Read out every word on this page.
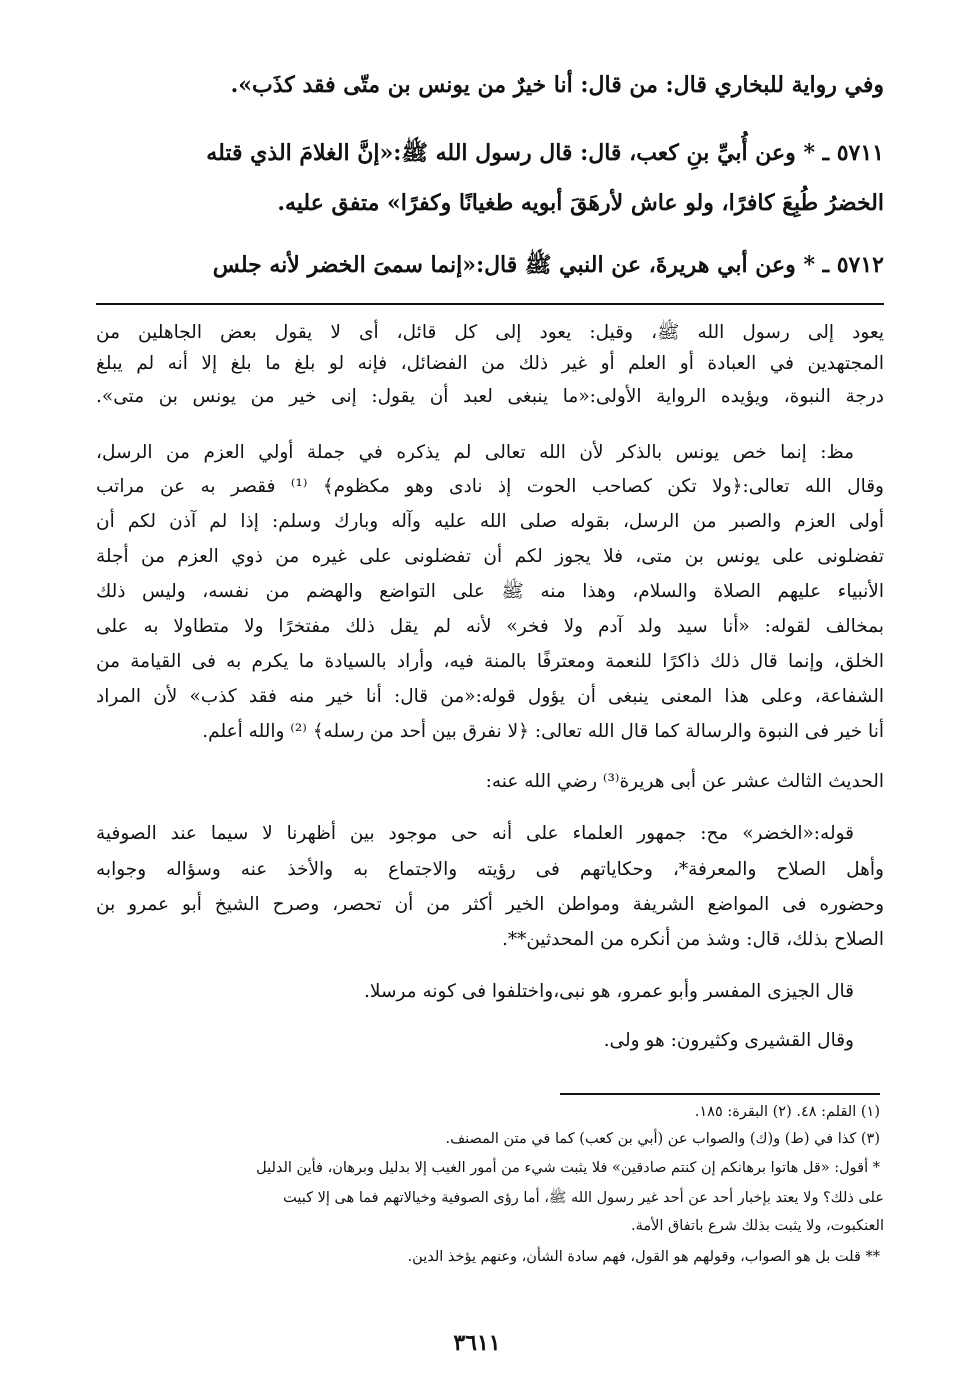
وفي رواية للبخاري قال: من قال: أنا خيرٌ من يونس بن متّى فقد كذَب».
٥٧١١ ـ * وعن أُبيِّ بنِ كعب، قال: قال رسول الله ﷺ:«إنَّ الغلامَ الذي قتله
الخضرُ طُبِعَ كافرًا، ولو عاش لأرهَقَ أبويه طغيانًا وكفرًا» متفق عليه.
٥٧١٢ ـ * وعن أبي هريرةَ، عن النبي ﷺ قال:«إنما سمىَ الخضر لأنه جلس
يعود إلى رسول الله ﷺ، وقيل: يعود إلى كل قائل، أى لا يقول بعض الجاهلين من
المجتهدين في العبادة أو العلم أو غير ذلك من الفضائل، فإنه لو بلغ ما بلغ إلا أنه لم يبلغ
درجة النبوة، ويؤيده الرواية الأولى:«ما ينبغى لعبد أن يقول: إنى خير من يونس بن متى».
مظ: إنما خص يونس بالذكر لأن الله تعالى لم يذكره في جملة أولي العزم من الرسل،
وقال الله تعالى:﴿ولا تكن كصاحب الحوت إذ نادى وهو مكظوم﴾ ⁽¹⁾ فقصر به عن مراتب
أولى العزم والصبر من الرسل، بقوله صلى الله عليه وآله وبارك وسلم: إذا لم آذن لكم أن
تفضلونى على يونس بن متى، فلا يجوز لكم أن تفضلونى على غيره من ذوي العزم من أجلة
الأنبياء عليهم الصلاة والسلام، وهذا منه ﷺ على التواضع والهضم من نفسه، وليس ذلك
بمخالف لقوله: «أنا سيد ولد آدم ولا فخر» لأنه لم يقل ذلك مفتخرًا ولا متطاولا به على
الخلق، وإنما قال ذلك ذاكرًا للنعمة ومعترفًا بالمنة فيه، وأراد بالسيادة ما يكرم به فى القيامة من
الشفاعة، وعلى هذا المعنى ينبغى أن يؤول قوله:«من قال: أنا خير منه فقد كذب» لأن المراد
أنا خير فى النبوة والرسالة كما قال الله تعالى: ﴿لا نفرق بين أحد من رسله﴾ ⁽²⁾ والله أعلم.
الحديث الثالث عشر عن أبى هريرة⁽³⁾ رضي الله عنه:
قوله:«الخضر» مح: جمهور العلماء على أنه حى موجود بين أظهرنا لا سيما عند الصوفية
وأهل الصلاح والمعرفة*، وحكاياتهم فى رؤيته والاجتماع به والأخذ عنه وسؤاله وجوابه
وحضوره فى المواضع الشريفة ومواطن الخير أكثر من أن تحصر، وصرح الشيخ أبو عمرو بن
الصلاح بذلك، قال: وشذ من أنكره من المحدثين**.
قال الجيزى المفسر وأبو عمرو، هو نبى،واختلفوا فى كونه مرسلا.
وقال القشيرى وكثيرون: هو ولى.
(١) القلم: ٤٨. (٢) البقرة: ١٨٥.
(٣) كذا في (ط) و(ك) والصواب عن (أبي بن كعب) كما في متن المصنف.
* أقول: «قل هاتوا برهانكم إن كنتم صادقين» فلا يثبت شيء من أمور الغيب إلا بدليل وبرهان، فأين الدليل
على ذلك؟ ولا يعتد بإخبار أحد عن أحد غير رسول الله ﷺ، أما رؤى الصوفية وخيالاتهم فما هى إلا كبيت
العنكبوت، ولا يثبت بذلك شرع باتفاق الأمة.
** قلت بل هو الصواب، وقولهم هو القول، فهم سادة الشأن، وعنهم يؤخذ الدين.
٣٦١١
